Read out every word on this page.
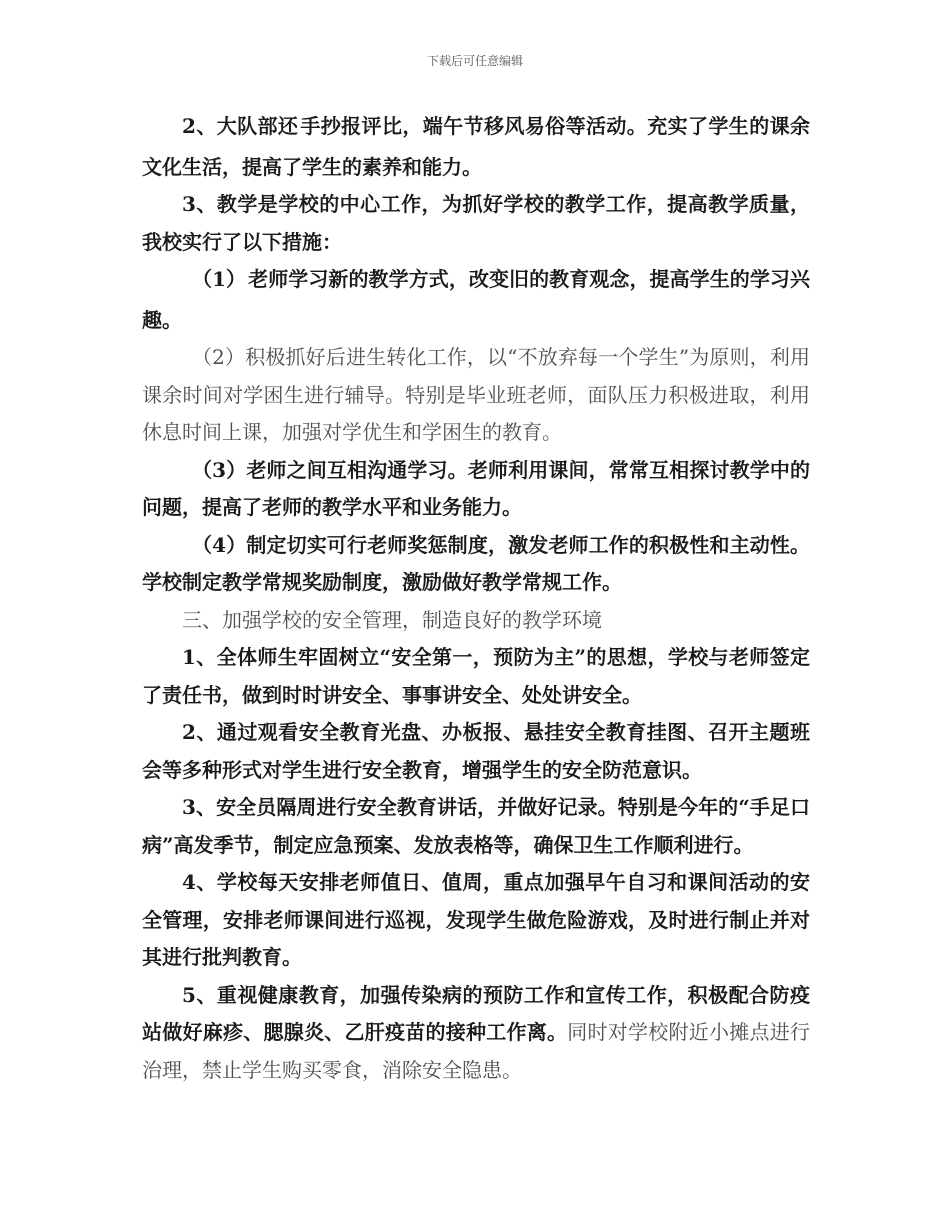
下载后可任意编辑

2、大队部还 手抄报评比，端午节移风易俗等活动。充实了学生的课余文化生活，提高了学生的素养和能力。

3、教学是学校的中心工作，为抓好学校的教学工作，提高教学质量，我校实行了以下措施：

（1） 老师学习新的教学方式，改变旧的教育观念，提高学生的学习兴趣。

（2）积极抓好后进生转化工作，以“不放弃每一个学生”为原则，利用课余时间对学困生进行辅导。特别是毕业班老师，面队压力积极进取，利用休息时间上课，加强对学优生和学困生的教育。

（3）老师之间互相沟通学习。老师利用课间，常常互相探讨教学中的问题，提高了老师的教学水平和业务能力。

（4）制定切实可行老师奖惩制度，激发老师工作的积极性和主动性。学校制定教学常规奖励制度，激励做好教学常规工作。

三、加强学校的安全管理，制造良好的教学环境

1、全体师生牢固树立“安全第一，预防为主”的思想，学校与老师签定了责任书，做到时时讲安全、事事讲安全、处处讲安全。

2、通过观看安全教育光盘、办板报、悬挂安全教育挂图、召开主题班会等多种形式对学生进行安全教育，增强学生的安全防范意识。

3、安全员隔周进行安全教育讲话，并做好记录。特别是今年的“手足口病”高发季节，制定应急预案、发放表格等，确保卫生工作顺利进行。

4、学校每天安排老师值日、值周，重点加强早午自习和课间活动的安全管理，安排老师课间进行巡视，发现学生做危险游戏，及时进行制止并对其进行批判教育。

5、重视健康教育，加强传染病的预防工作和宣传工作，积极配合防疫站做好麻疹、腮腺炎、乙肝疫苗的接种工作离。同时对学校附近小摊点进行治理，禁止学生购买零食，消除安全隐患。
